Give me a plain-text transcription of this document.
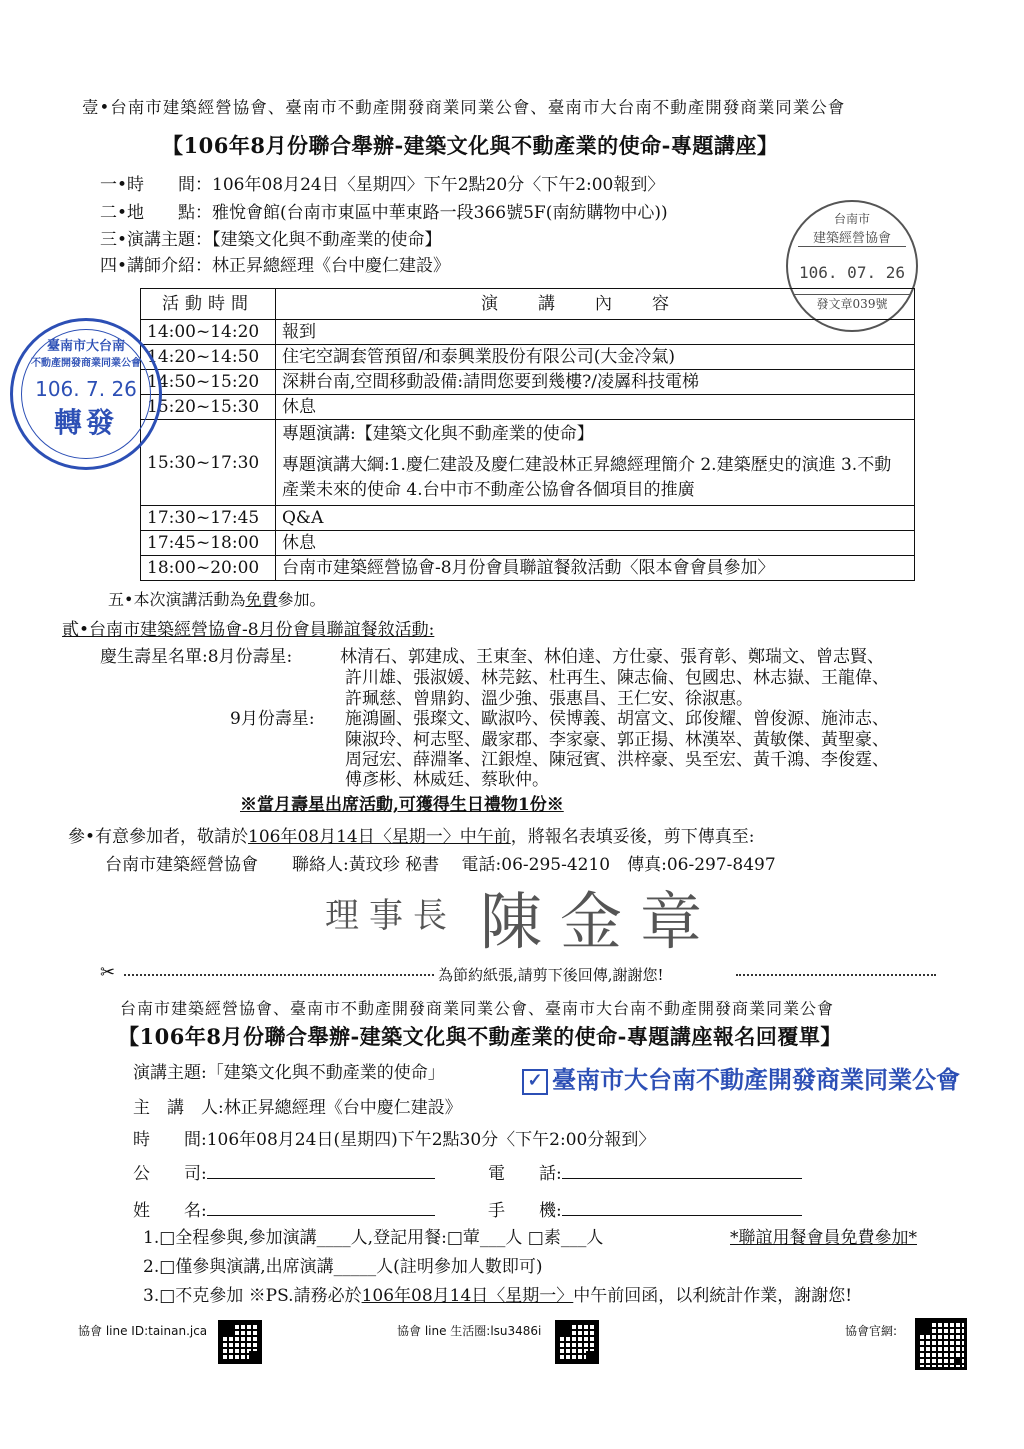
壹•台南市建築經營協會、臺南市不動產開發商業同業公會、臺南市大台南不動產開發商業同業公會
【106年8月份聯合舉辦-建築文化與不動產業的使命-專題講座】
一•時　　間：106年08月24日〈星期四〉下午2點20分〈下午2:00報到〉
二•地　　點：雅悅會館(台南市東區中華東路一段366號5F(南紡購物中心))
三•演講主題：【建築文化與不動產業的使命】
四•講師介紹：林正昇總經理《台中慶仁建設》
台南市
建築經營協會
106. 07. 26
發文章039號
活動時間	演講內容
14:00~14:20	報到
14:20~14:50	住宅空調套管預留/和泰興業股份有限公司(大金冷氣)
14:50~15:20	深耕台南,空間移動設備:請問您要到幾樓?/凌羼科技電梯
15:20~15:30	休息
15:30~17:30	專題演講:【建築文化與不動產業的使命】
專題演講大綱:1.慶仁建設及慶仁建設林正昇總經理簡介 2.建築歷史的演進 3.不動產業未來的使命 4.台中市不動產公協會各個項目的推廣

17:30~17:45	Q&A
17:45~18:00	休息
18:00~20:00	台南市建築經營協會-8月份會員聯誼餐敘活動〈限本會會員參加〉
臺南市大台南
不動產開發商業同業公會
106. 7. 26
轉發
五•本次演講活動為免費參加。
貳•台南市建築經營協會-8月份會員聯誼餐敘活動:
慶生壽星名單:8月份壽星:	林清石、郭建成、王東奎、林伯達、方仕豪、張育彰、鄭瑞文、曾志賢、
許川雄、張淑媛、林芫鉉、杜再生、陳志倫、包國忠、林志嶽、王龍偉、
許珮慈、曾鼎鈞、溫少強、張惠昌、王仁安、徐淑惠。
9月份壽星: 施鴻圖、張璨文、歐淑吟、侯博義、胡富文、邱俊耀、曾俊源、施沛志、
陳淑玲、柯志堅、嚴家郡、李家豪、郭正揚、林漢崒、黃敏傑、黃聖豪、
周冠宏、薛淵峯、江銀煌、陳冠賓、洪梓豪、吳至宏、黃千鴻、李俊霆、
傅彥彬、林威廷、蔡耿仲。
※當月壽星出席活動,可獲得生日禮物1份※
參•有意參加者，敬請於106年08月14日〈星期一〉中午前，將報名表填妥後，剪下傳真至:
台南市建築經營協會　　聯絡人:黃玟珍 秘書　 電話:06-295-4210　傳真:06-297-8497
理事長 陳金章
✂	為節約紙張,請剪下後回傳,謝謝您!
台南市建築經營協會、臺南市不動產開發商業同業公會、臺南市大台南不動產開發商業同業公會
【106年8月份聯合舉辦-建築文化與不動產業的使命-專題講座報名回覆單】
演講主題:「建築文化與不動產業的使命」	✓ 臺南市大台南不動產開發商業同業公會
主　講　人:林正昇總經理《台中慶仁建設》
時　　間:106年08月24日(星期四)下午2點30分〈下午2:00分報到〉
公　　司:	電　　話:
姓　　名:	手　　機:
1.□全程參與,參加演講____人,登記用餐:□葷___人 □素___人	*聯誼用餐會員免費參加*
2.□僅參與演講,出席演講_____人(註明參加人數即可)
3.□不克參加 ※PS.請務必於106年08月14日〈星期一〉中午前回函，以利統計作業，謝謝您!
協會 line ID:tainan.jca	協會 line 生活圈:lsu3486i	協會官網:
